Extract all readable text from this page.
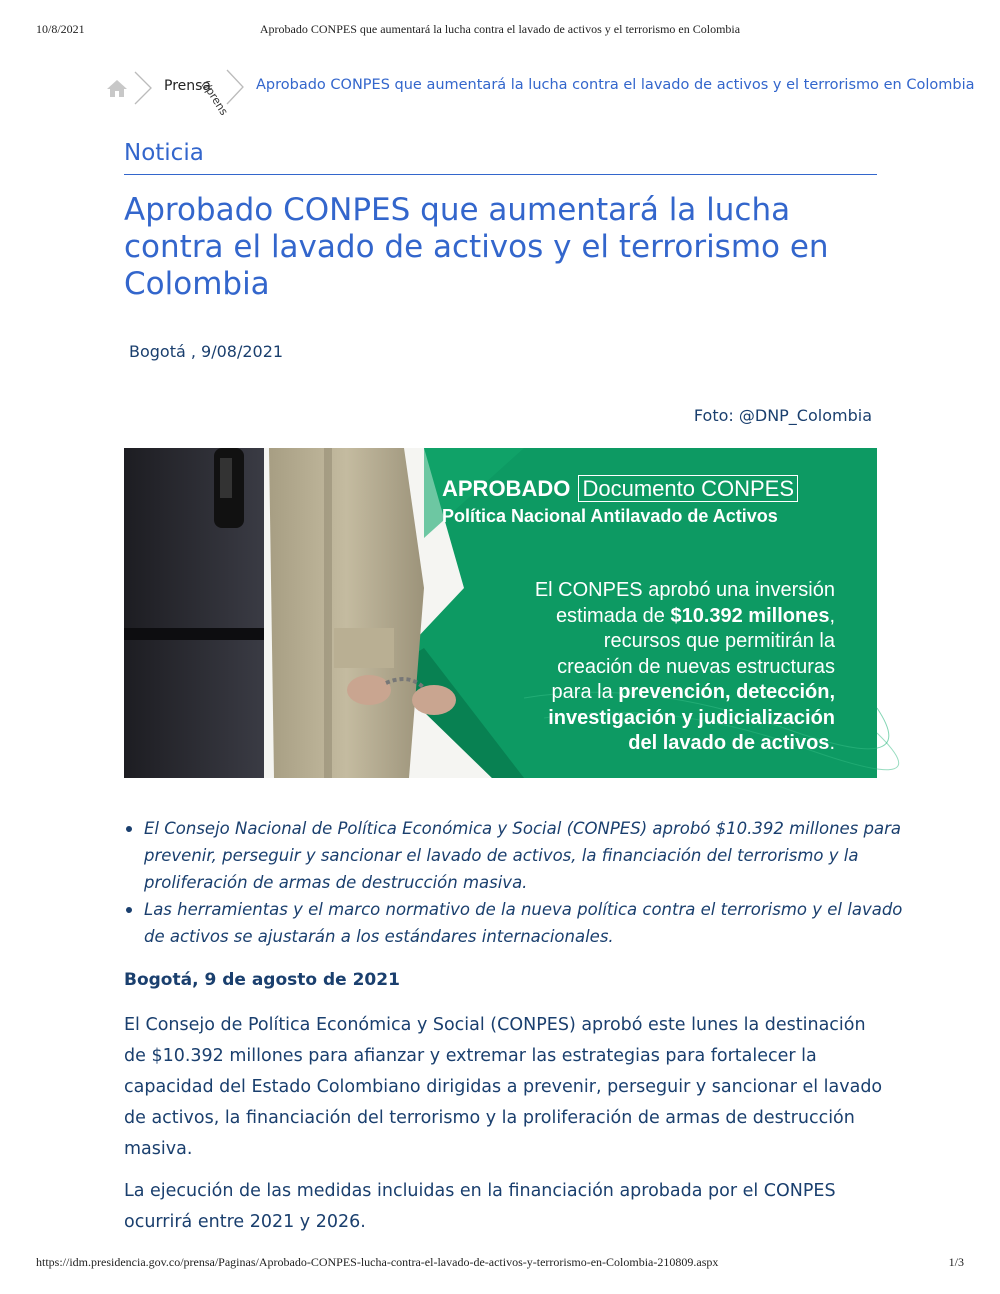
10/8/2021	Aprobado CONPES que aumentará la lucha contra el lavado de activos y el terrorismo en Colombia
Prensa
(/prens Aprobado CONPES que aumentará la lucha contra el lavado de activos y el terrorismo en Colombia
Noticia
Aprobado CONPES que aumentará la lucha contra el lavado de activos y el terrorismo en Colombia
Bogotá , 9/08/2021
Foto: @DNP_Colombia
APROBADO Documento CONPES
Política Nacional Antilavado de Activos
El CONPES aprobó una inversión
estimada de $10.392 millones,
recursos que permitirán la
creación de nuevas estructuras
para la prevención, detección,
investigación y judicialización
del lavado de activos.
El Consejo Nacional de Política Económica y Social (CONPES) aprobó $10.392 millones para prevenir, perseguir y sancionar el lavado de activos, la financiación del terrorismo y la proliferación de armas de destrucción masiva.
Las herramientas y el marco normativo de la nueva política contra el terrorismo y el lavado de activos se ajustarán a los estándares internacionales.
Bogotá, 9 de agosto de 2021

El Consejo de Política Económica y Social (CONPES) aprobó este lunes la destinación de $10.392 millones para afianzar y extremar las estrategias para fortalecer la capacidad del Estado Colombiano dirigidas a prevenir, perseguir y sancionar el lavado de activos, la financiación del terrorismo y la proliferación de armas de destrucción masiva.

La ejecución de las medidas incluidas en la financiación aprobada por el CONPES ocurrirá entre 2021 y 2026.

https://idm.presidencia.gov.co/prensa/Paginas/Aprobado-CONPES-lucha-contra-el-lavado-de-activos-y-terrorismo-en-Colombia-210809.aspx	1/3
